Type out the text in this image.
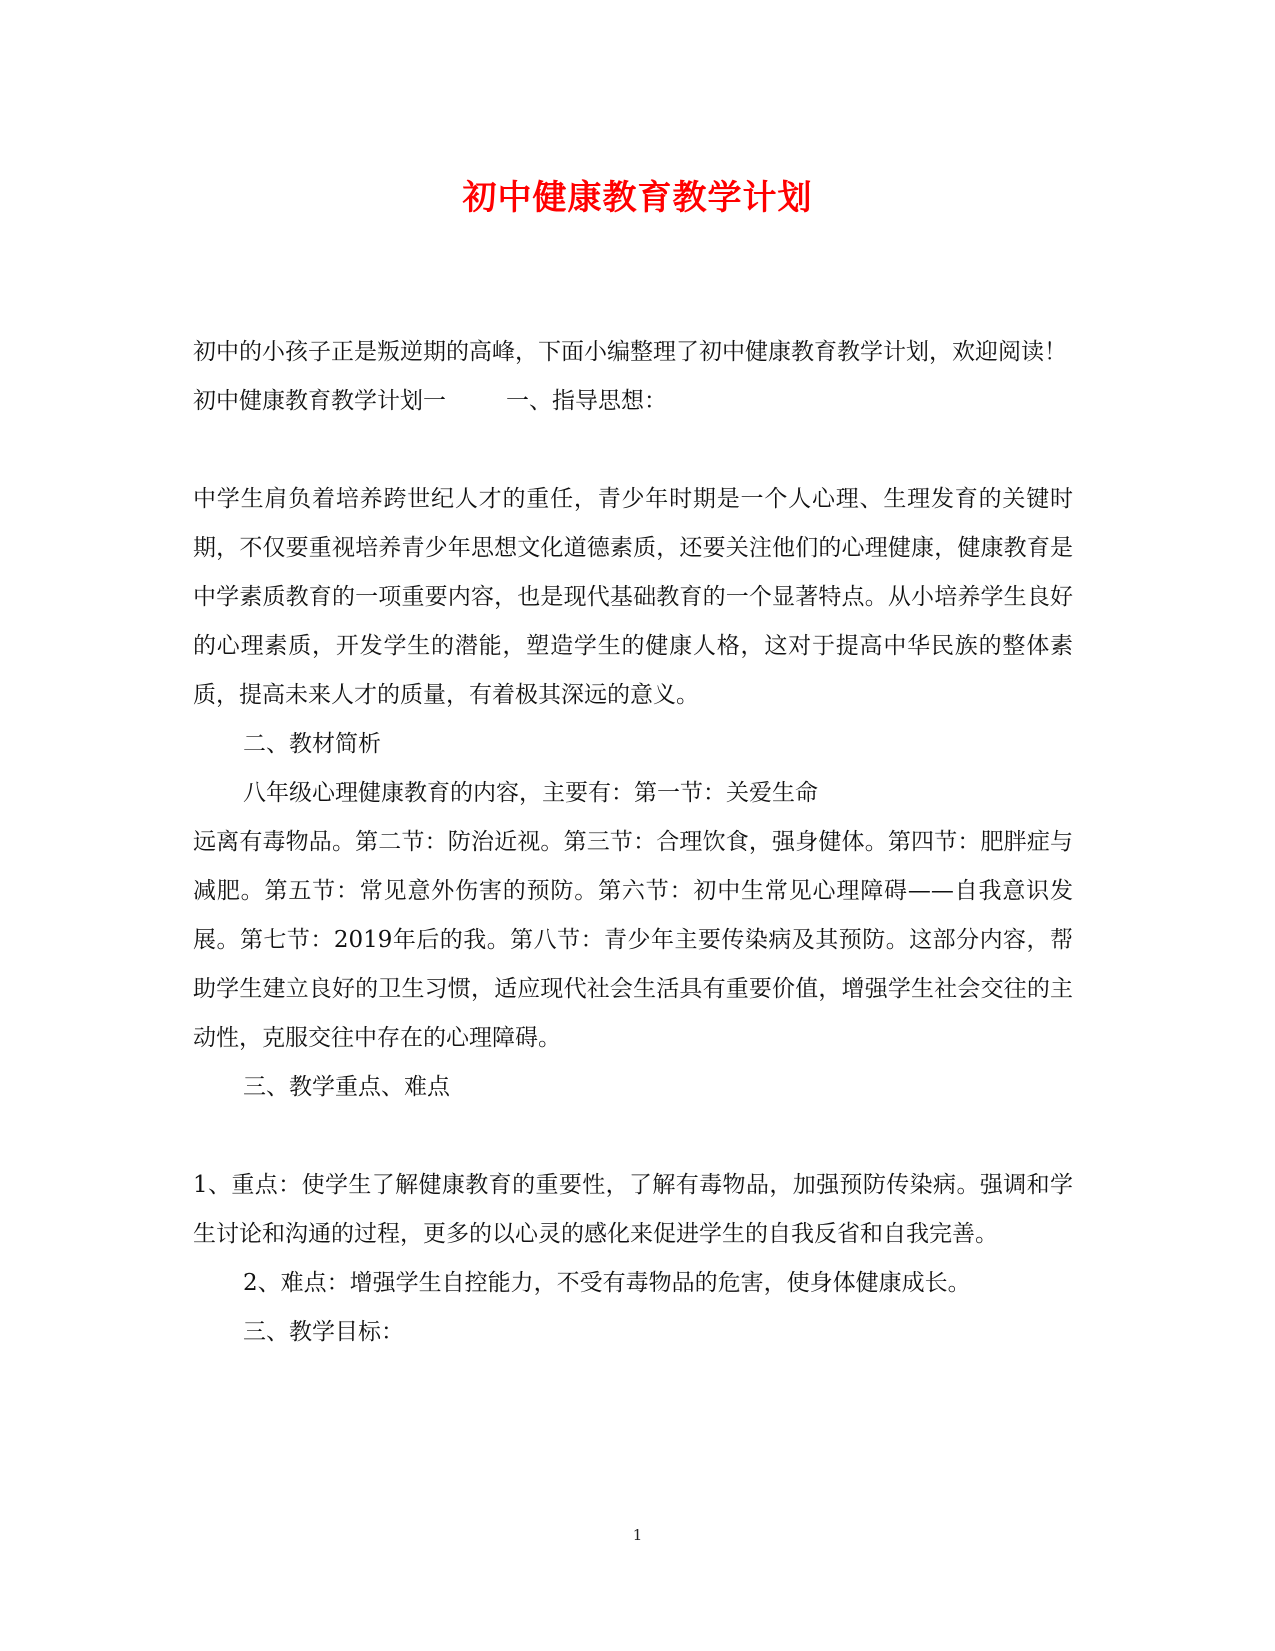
初中健康教育教学计划

初中的小孩子正是叛逆期的高峰，下面小编整理了初中健康教育教学计划，欢迎阅读！

初中健康教育教学计划一	一、指导思想：

中学生肩负着培养跨世纪人才的重任，青少年时期是一个人心理、生理发育的关键时期，不仅要重视培养青少年思想文化道德素质，还要关注他们的心理健康，健康教育是中学素质教育的一项重要内容，也是现代基础教育的一个显著特点。从小培养学生良好的心理素质，开发学生的潜能，塑造学生的健康人格，这对于提高中华民族的整体素质，提高未来人才的质量，有着极其深远的意义。

二、教材简析

八年级心理健康教育的内容，主要有：第一节：关爱生命

远离有毒物品。第二节：防治近视。第三节：合理饮食，强身健体。第四节：肥胖症与减肥。第五节：常见意外伤害的预防。第六节：初中生常见心理障碍——自我意识发展。第七节：2019年后的我。第八节：青少年主要传染病及其预防。这部分内容，帮助学生建立良好的卫生习惯，适应现代社会生活具有重要价值，增强学生社会交往的主动性，克服交往中存在的心理障碍。

三、教学重点、难点

1、重点：使学生了解健康教育的重要性，了解有毒物品，加强预防传染病。强调和学生讨论和沟通的过程，更多的以心灵的感化来促进学生的自我反省和自我完善。

2、难点：增强学生自控能力，不受有毒物品的危害，使身体健康成长。

三、教学目标：

1
